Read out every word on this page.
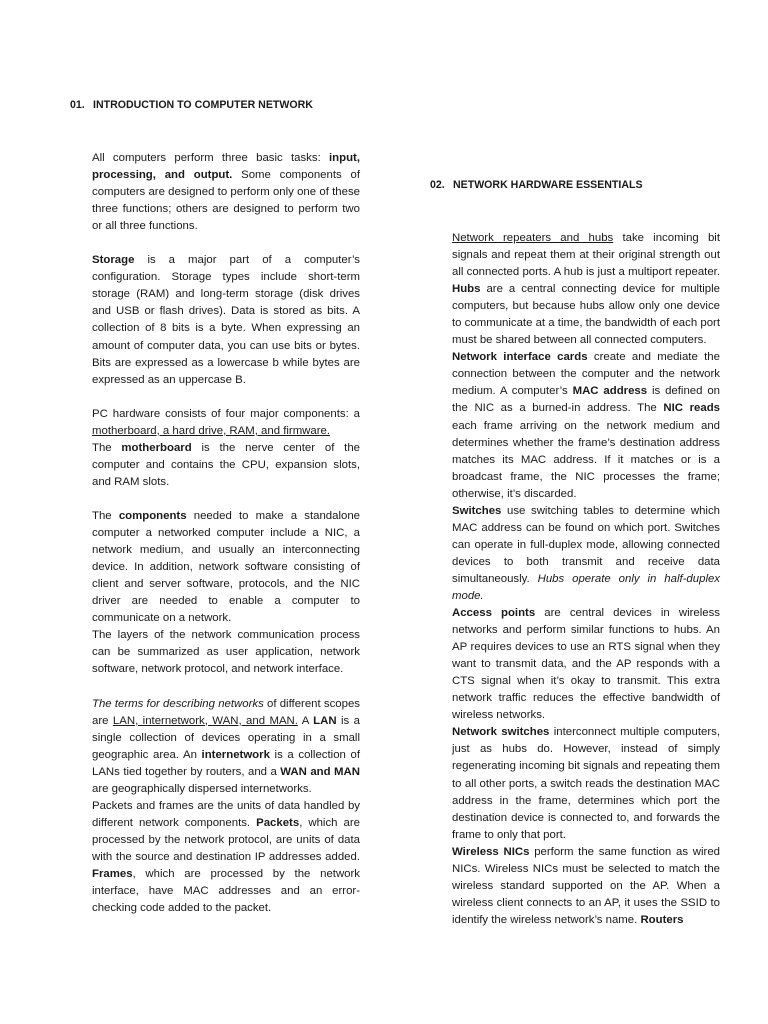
01. INTRODUCTION TO COMPUTER NETWORK

All computers perform three basic tasks: input, processing, and output. Some components of computers are designed to perform only one of these three functions; others are designed to perform two or all three functions.

Storage is a major part of a computer’s configuration. Storage types include short-term storage (RAM) and long-term storage (disk drives and USB or flash drives). Data is stored as bits. A collection of 8 bits is a byte. When expressing an amount of computer data, you can use bits or bytes. Bits are expressed as a lowercase b while bytes are expressed as an uppercase B.

PC hardware consists of four major components: a motherboard, a hard drive, RAM, and firmware.

The motherboard is the nerve center of the computer and contains the CPU, expansion slots, and RAM slots.

The components needed to make a standalone computer a networked computer include a NIC, a network medium, and usually an interconnecting device. In addition, network software consisting of client and server software, protocols, and the NIC driver are needed to enable a computer to communicate on a network.

The layers of the network communication process can be summarized as user application, network software, network protocol, and network interface.

The terms for describing networks of different scopes are LAN, internetwork, WAN, and MAN. A LAN is a single collection of devices operating in a small geographic area. An internetwork is a collection of LANs tied together by routers, and a WAN and MAN are geographically dispersed internetworks.

Packets and frames are the units of data handled by different network components. Packets, which are processed by the network protocol, are units of data with the source and destination IP addresses added. Frames, which are processed by the network interface, have MAC addresses and an error-checking code added to the packet.

02. NETWORK HARDWARE ESSENTIALS

Network repeaters and hubs take incoming bit signals and repeat them at their original strength out all connected ports. A hub is just a multiport repeater. Hubs are a central connecting device for multiple computers, but because hubs allow only one device to communicate at a time, the bandwidth of each port must be shared between all connected computers.

Network interface cards create and mediate the connection between the computer and the network medium. A computer’s MAC address is defined on the NIC as a burned-in address. The NIC reads each frame arriving on the network medium and determines whether the frame’s destination address matches its MAC address. If it matches or is a broadcast frame, the NIC processes the frame; otherwise, it’s discarded.

Switches use switching tables to determine which MAC address can be found on which port. Switches can operate in full-duplex mode, allowing connected devices to both transmit and receive data simultaneously. Hubs operate only in half-duplex mode.

Access points are central devices in wireless networks and perform similar functions to hubs. An AP requires devices to use an RTS signal when they want to transmit data, and the AP responds with a CTS signal when it’s okay to transmit. This extra network traffic reduces the effective bandwidth of wireless networks.

Network switches interconnect multiple computers, just as hubs do. However, instead of simply regenerating incoming bit signals and repeating them to all other ports, a switch reads the destination MAC address in the frame, determines which port the destination device is connected to, and forwards the frame to only that port.

Wireless NICs perform the same function as wired NICs. Wireless NICs must be selected to match the wireless standard supported on the AP. When a wireless client connects to an AP, it uses the SSID to identify the wireless network’s name. Routers
